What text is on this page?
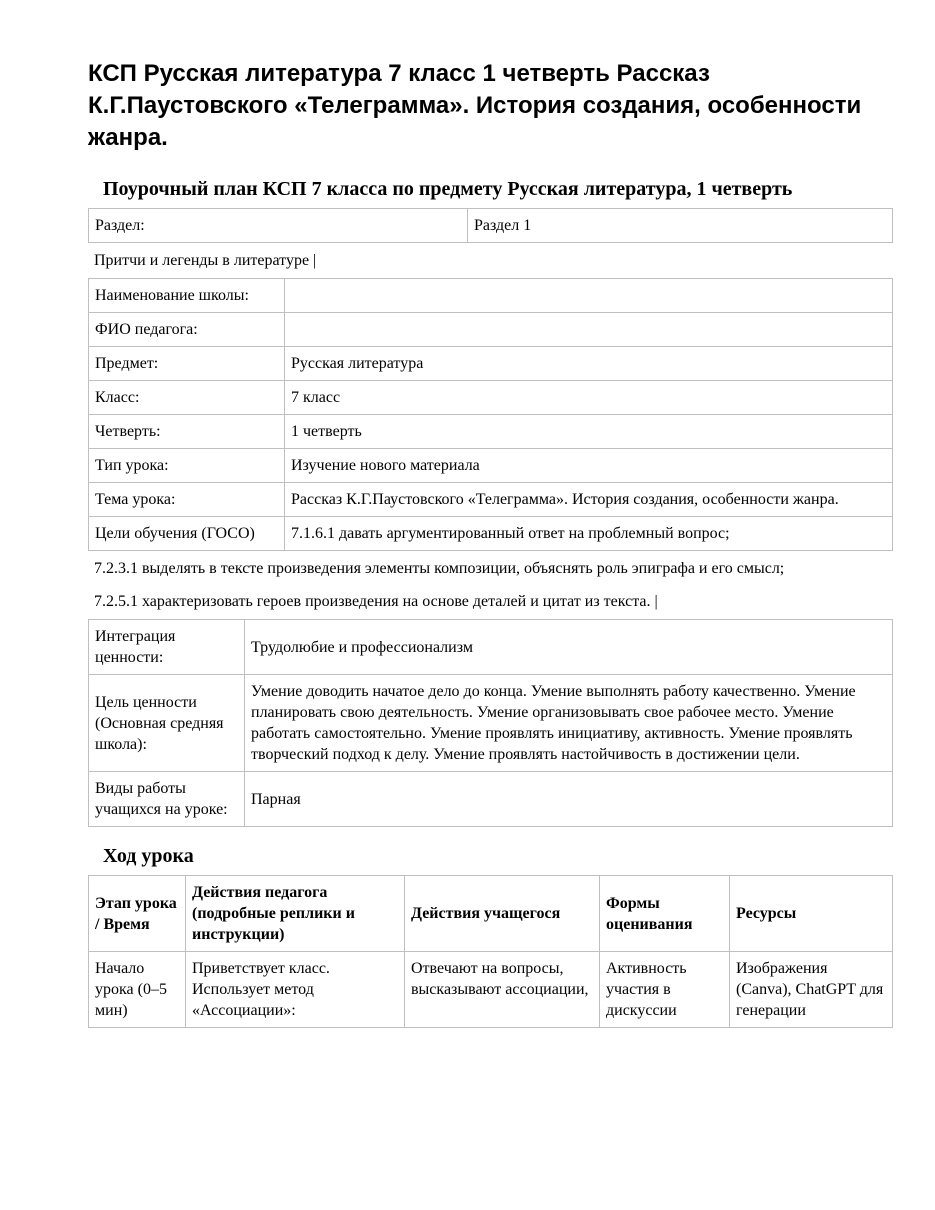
КСП Русская литература 7 класс 1 четверть Рассказ К.Г.Паустовского «Телеграмма». История создания, особенности жанра.
Поурочный план КСП 7 класса по предмету Русская литература, 1 четверть
Раздел:	Раздел 1

Притчи и легенды в литературе |

Наименование школы:	
ФИО педагога:	
Предмет:	Русская литература
Класс:	7 класс
Четверть:	1 четверть
Тип урока:	Изучение нового материала
Тема урока:	Рассказ К.Г.Паустовского «Телеграмма». История создания, особенности жанра.
Цели обучения (ГОСО)	7.1.6.1 давать аргументированный ответ на проблемный вопрос;

7.2.3.1 выделять в тексте произведения элементы композиции, объяснять роль эпиграфа и его смысл;

7.2.5.1 характеризовать героев произведения на основе деталей и цитат из текста. |

Интеграция ценности:	Трудолюбие и профессионализм
Цель ценности (Основная средняя школа):	Умение доводить начатое дело до конца. Умение выполнять работу качественно. Умение планировать свою деятельность. Умение организовывать свое рабочее место. Умение работать самостоятельно. Умение проявлять инициативу, активность. Умение проявлять творческий подход к делу. Умение проявлять настойчивость в достижении цели.
Виды работы учащихся на уроке:	Парная
Ход урока
Этап урока / Время	Действия педагога (подробные реплики и инструкции)	Действия учащегося	Формы оценивания	Ресурсы
Начало урока (0–5 мин)	Приветствует класс. Использует метод «Ассоциации»:	Отвечают на вопросы, высказывают ассоциации,	Активность участия в дискуссии	Изображения (Canva), ChatGPT для генерации
